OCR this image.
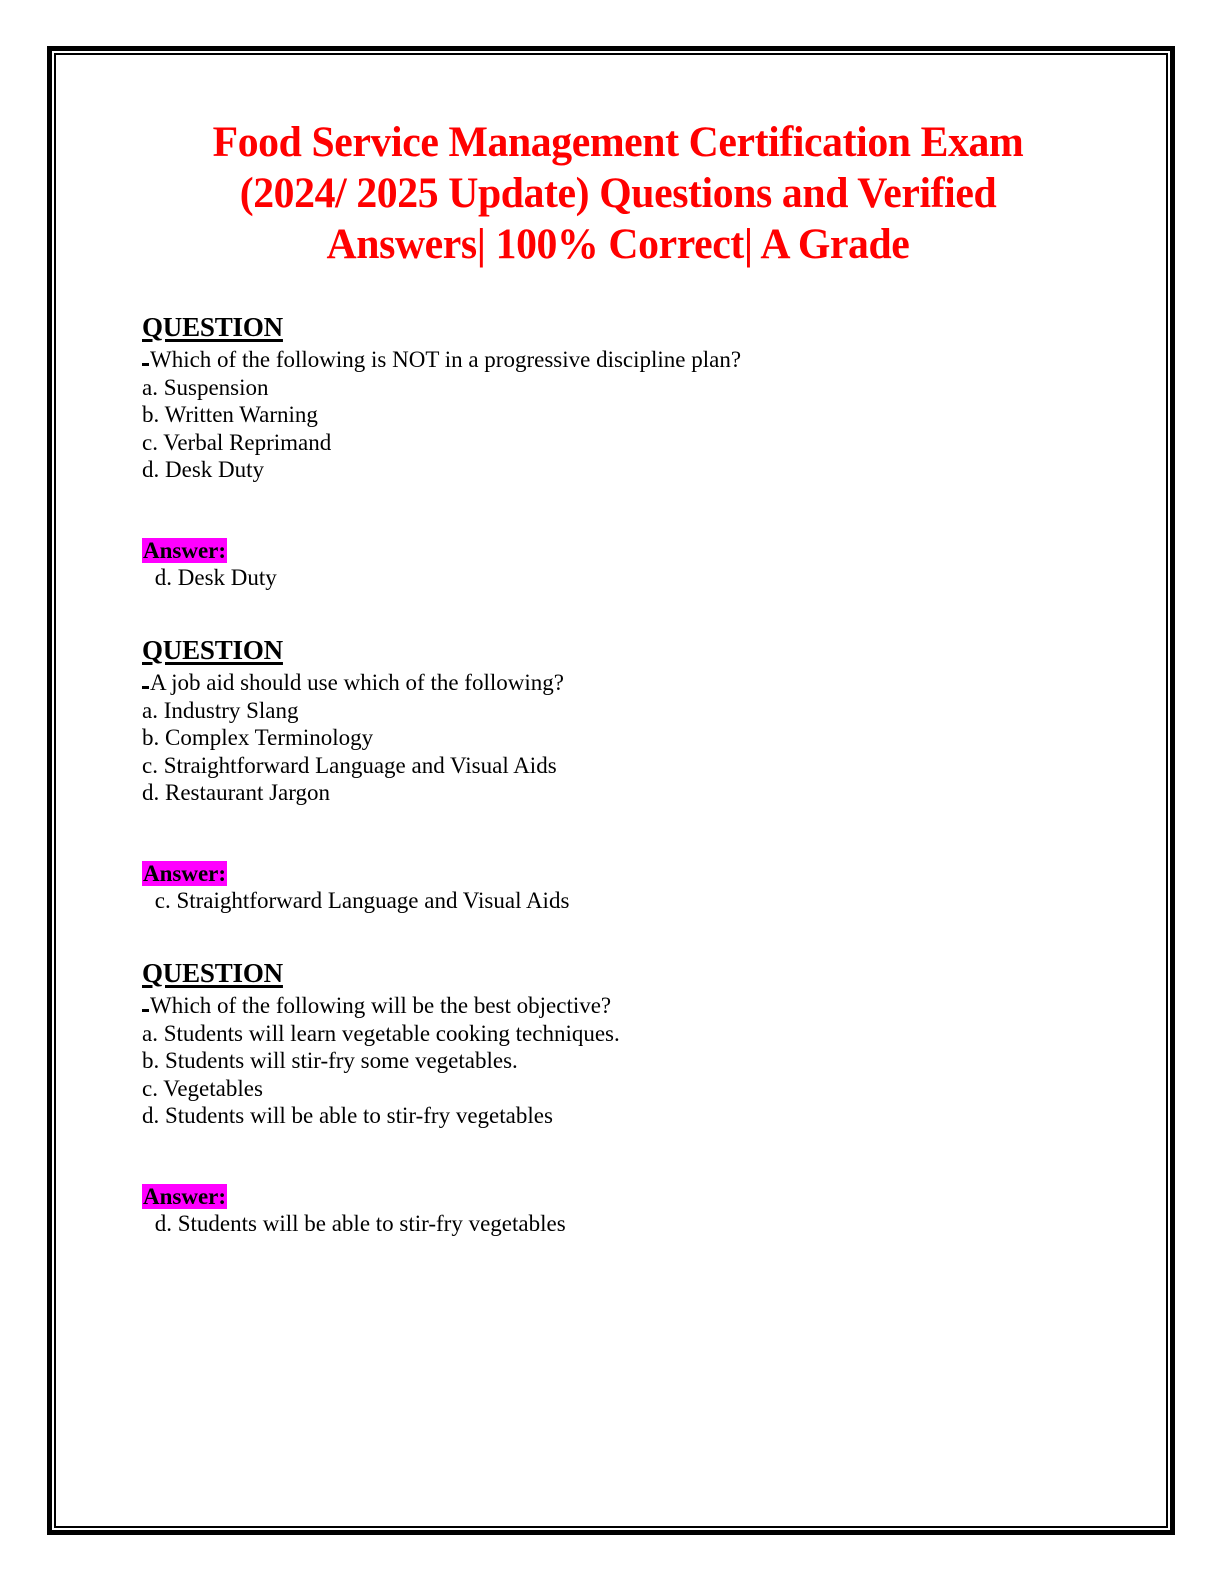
Food Service Management Certification Exam (2024/ 2025 Update) Questions and Verified Answers| 100% Correct| A Grade
QUESTION
Which of the following is NOT in a progressive discipline plan?
a. Suspension
b. Written Warning
c. Verbal Reprimand
d. Desk Duty
Answer:
d. Desk Duty
QUESTION
A job aid should use which of the following?
a. Industry Slang
b. Complex Terminology
c. Straightforward Language and Visual Aids
d. Restaurant Jargon
Answer:
c. Straightforward Language and Visual Aids
QUESTION
Which of the following will be the best objective?
a. Students will learn vegetable cooking techniques.
b. Students will stir-fry some vegetables.
c. Vegetables
d. Students will be able to stir-fry vegetables
Answer:
d. Students will be able to stir-fry vegetables
